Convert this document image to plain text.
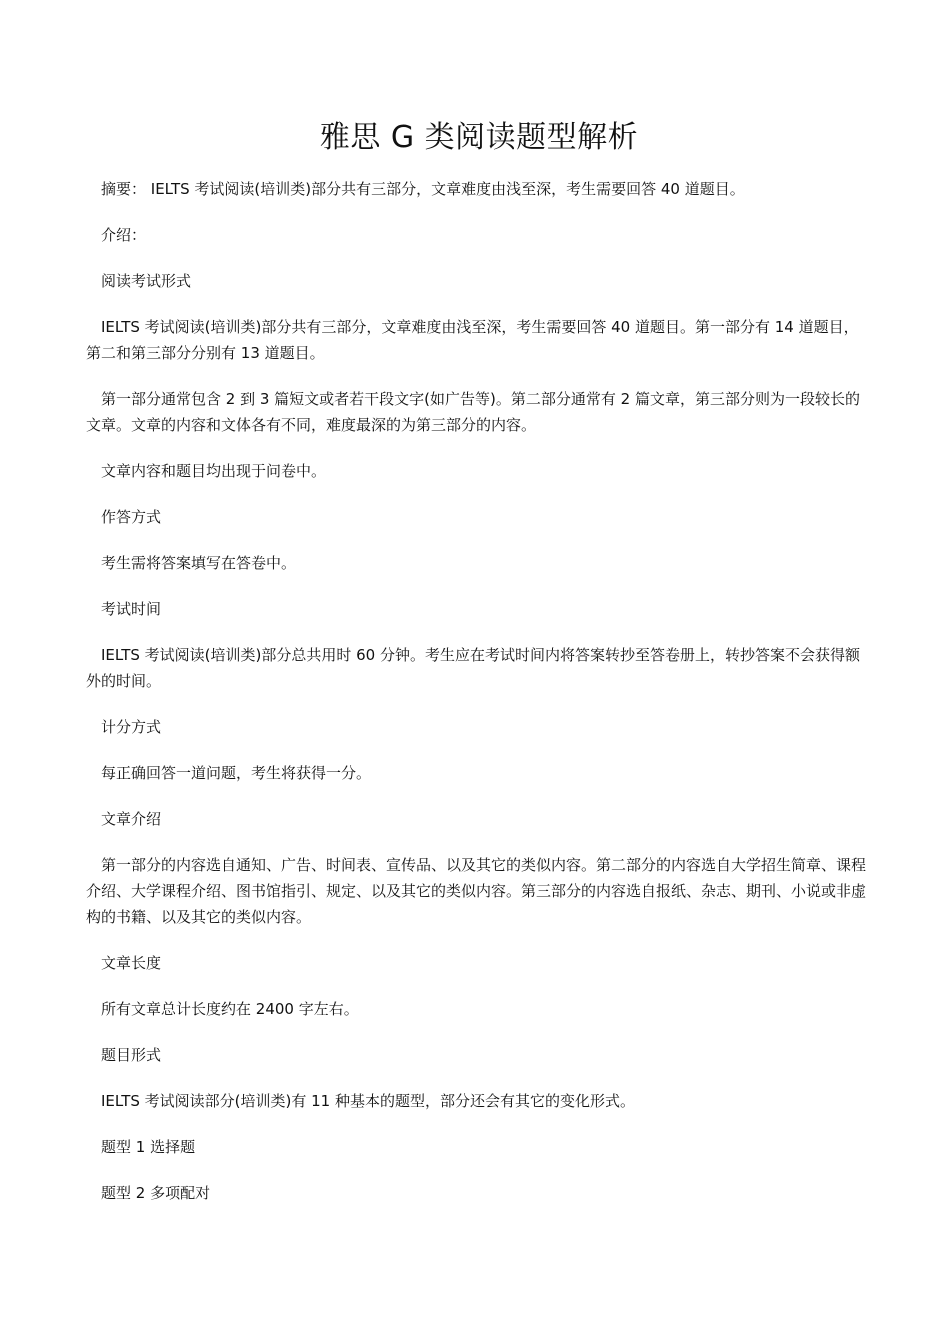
雅思 G 类阅读题型解析

摘要： IELTS 考试阅读(培训类)部分共有三部分，文章难度由浅至深，考生需要回答 40 道题目。

介绍：

阅读考试形式

IELTS 考试阅读(培训类)部分共有三部分，文章难度由浅至深，考生需要回答 40 道题目。第一部分有 14 道题目，第二和第三部分分别有 13 道题目。

第一部分通常包含 2 到 3 篇短文或者若干段文字(如广告等)。第二部分通常有 2 篇文章，第三部分则为一段较长的文章。文章的内容和文体各有不同，难度最深的为第三部分的内容。

文章内容和题目均出现于问卷中。

作答方式

考生需将答案填写在答卷中。

考试时间

IELTS 考试阅读(培训类)部分总共用时 60 分钟。考生应在考试时间内将答案转抄至答卷册上，转抄答案不会获得额外的时间。

计分方式

每正确回答一道问题，考生将获得一分。

文章介绍

第一部分的内容选自通知、广告、时间表、宣传品、以及其它的类似内容。第二部分的内容选自大学招生简章、课程介绍、大学课程介绍、图书馆指引、规定、以及其它的类似内容。第三部分的内容选自报纸、杂志、期刊、小说或非虚构的书籍、以及其它的类似内容。

文章长度

所有文章总计长度约在 2400 字左右。

题目形式

IELTS 考试阅读部分(培训类)有 11 种基本的题型，部分还会有其它的变化形式。

题型 1 选择题

题型 2 多项配对
